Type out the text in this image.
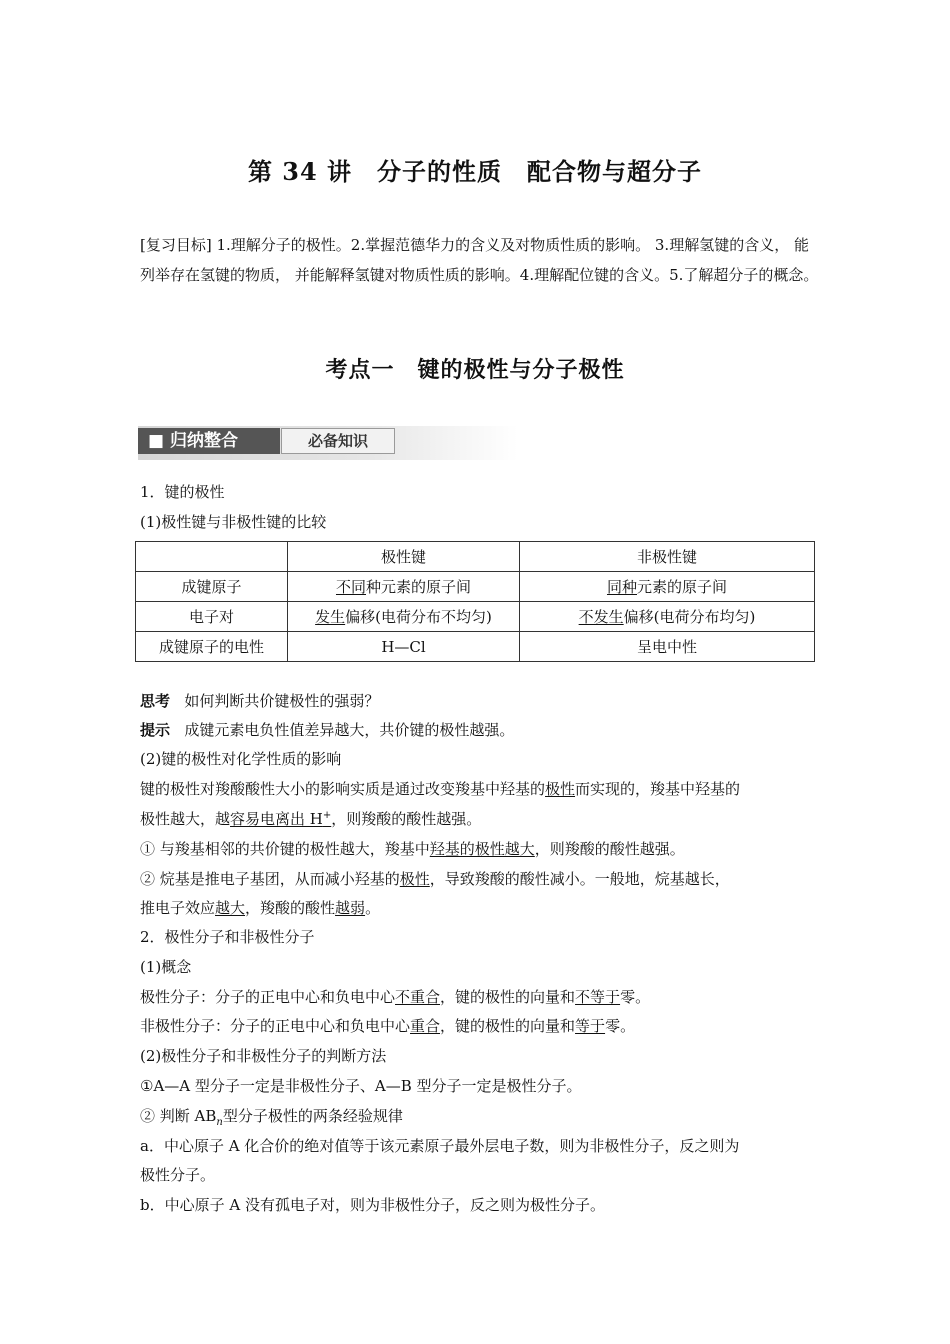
第 34 讲　分子的性质　配合物与超分子
[复习目标] 1.理解分子的极性。2.掌握范德华力的含义及对物质性质的影响。 3.理解氢键的含义， 能列举存在氢键的物质， 并能解释氢键对物质性质的影响。4.理解配位键的含义。5.了解超分子的概念。
考点一　键的极性与分子极性
■ 归纳整合	必备知识
1．键的极性
(1)极性键与非极性键的比较
	极性键	非极性键
成键原子	不同种元素的原子间	同种元素的原子间
电子对	发生偏移(电荷分布不均匀)	不发生偏移(电荷分布均匀)
成键原子的电性	H—Cl	呈电中性
思考 如何判断共价键极性的强弱？
提示 成键元素电负性值差异越大，共价键的极性越强。
(2)键的极性对化学性质的影响
键的极性对羧酸酸性大小的影响实质是通过改变羧基中羟基的极性而实现的，羧基中羟基的
极性越大，越容易电离出 H+，则羧酸的酸性越强。
① 与羧基相邻的共价键的极性越大，羧基中羟基的极性越大，则羧酸的酸性越强。
② 烷基是推电子基团，从而减小羟基的极性，导致羧酸的酸性减小。一般地，烷基越长，
推电子效应越大，羧酸的酸性越弱。
2．极性分子和非极性分子
(1)概念
极性分子：分子的正电中心和负电中心不重合，键的极性的向量和不等于零。
非极性分子：分子的正电中心和负电中心重合，键的极性的向量和等于零。
(2)极性分子和非极性分子的判断方法
①A—A 型分子一定是非极性分子、A—B 型分子一定是极性分子。
② 判断 $AB_n$型分子极性的两条经验规律
a．中心原子 A 化合价的绝对值等于该元素原子最外层电子数，则为非极性分子，反之则为
极性分子。
b．中心原子 A 没有孤电子对，则为非极性分子，反之则为极性分子。
